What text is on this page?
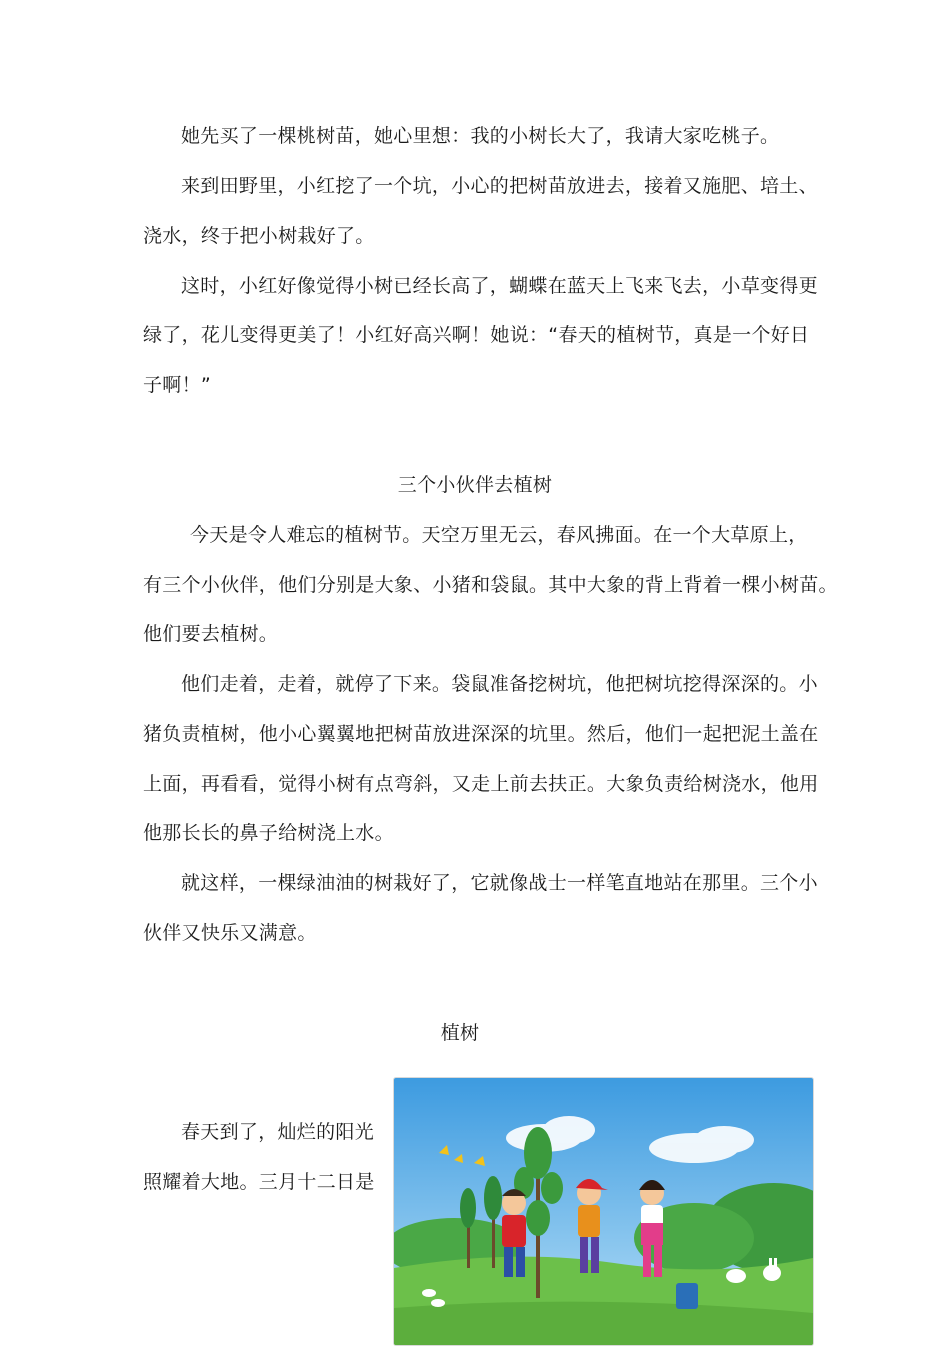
她先买了一棵桃树苗，她心里想：我的小树长大了，我请大家吃桃子。
来到田野里，小红挖了一个坑，小心的把树苗放进去，接着又施肥、培土、
浇水，终于把小树栽好了。
这时，小红好像觉得小树已经长高了，蝴蝶在蓝天上飞来飞去，小草变得更
绿了，花儿变得更美了！小红好高兴啊！她说：“春天的植树节，真是一个好日
子啊！”
三个小伙伴去植树
今天是令人难忘的植树节。天空万里无云，春风拂面。在一个大草原上，
有三个小伙伴，他们分别是大象、小猪和袋鼠。其中大象的背上背着一棵小树苗。
他们要去植树。
他们走着，走着，就停了下来。袋鼠准备挖树坑，他把树坑挖得深深的。小
猪负责植树，他小心翼翼地把树苗放进深深的坑里。然后，他们一起把泥土盖在
上面，再看看，觉得小树有点弯斜，又走上前去扶正。大象负责给树浇水，他用
他那长长的鼻子给树浇上水。
就这样，一棵绿油油的树栽好了，它就像战士一样笔直地站在那里。三个小
伙伴又快乐又满意。
植树
春天到了，灿烂的阳光
照耀着大地。三月十二日是
